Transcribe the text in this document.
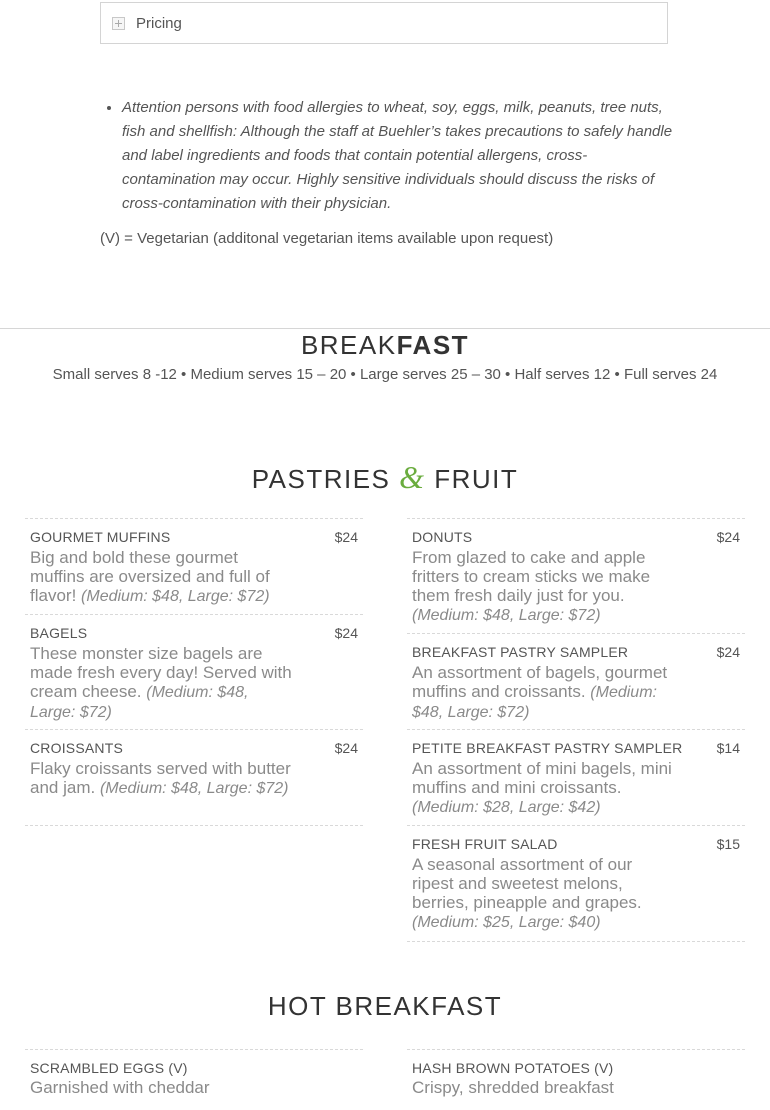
Pricing
• Attention persons with food allergies to wheat, soy, eggs, milk, peanuts, tree nuts, fish and shellfish: Although the staff at Buehler’s takes precautions to safely handle and label ingredients and foods that contain potential allergens, cross-contamination may occur. Highly sensitive individuals should discuss the risks of cross-contamination with their physician.
(V) = Vegetarian (additonal vegetarian items available upon request)
BREAKFAST
Small serves 8 -12 • Medium serves 15 – 20 • Large serves 25 – 30 • Half serves 12 • Full serves 24
PASTRIES & FRUIT
GOURMET MUFFINS	$24
Big and bold these gourmet muffins are oversized and full of flavor! (Medium: $48, Large: $72)
BAGELS	$24
These monster size bagels are made fresh every day! Served with cream cheese. (Medium: $48, Large: $72)
CROISSANTS	$24
Flaky croissants served with butter and jam. (Medium: $48, Large: $72)
DONUTS	$24
From glazed to cake and apple fritters to cream sticks we make them fresh daily just for you. (Medium: $48, Large: $72)
BREAKFAST PASTRY SAMPLER	$24
An assortment of bagels, gourmet muffins and croissants. (Medium: $48, Large: $72)
PETITE BREAKFAST PASTRY SAMPLER $14
An assortment of mini bagels, mini muffins and mini croissants. (Medium: $28, Large: $42)
FRESH FRUIT SALAD	$15
A seasonal assortment of our ripest and sweetest melons, berries, pineapple and grapes. (Medium: $25, Large: $40)
HOT BREAKFAST
SCRAMBLED EGGS (V)
Garnished with cheddar
HASH BROWN POTATOES (V)
Crispy, shredded breakfast
